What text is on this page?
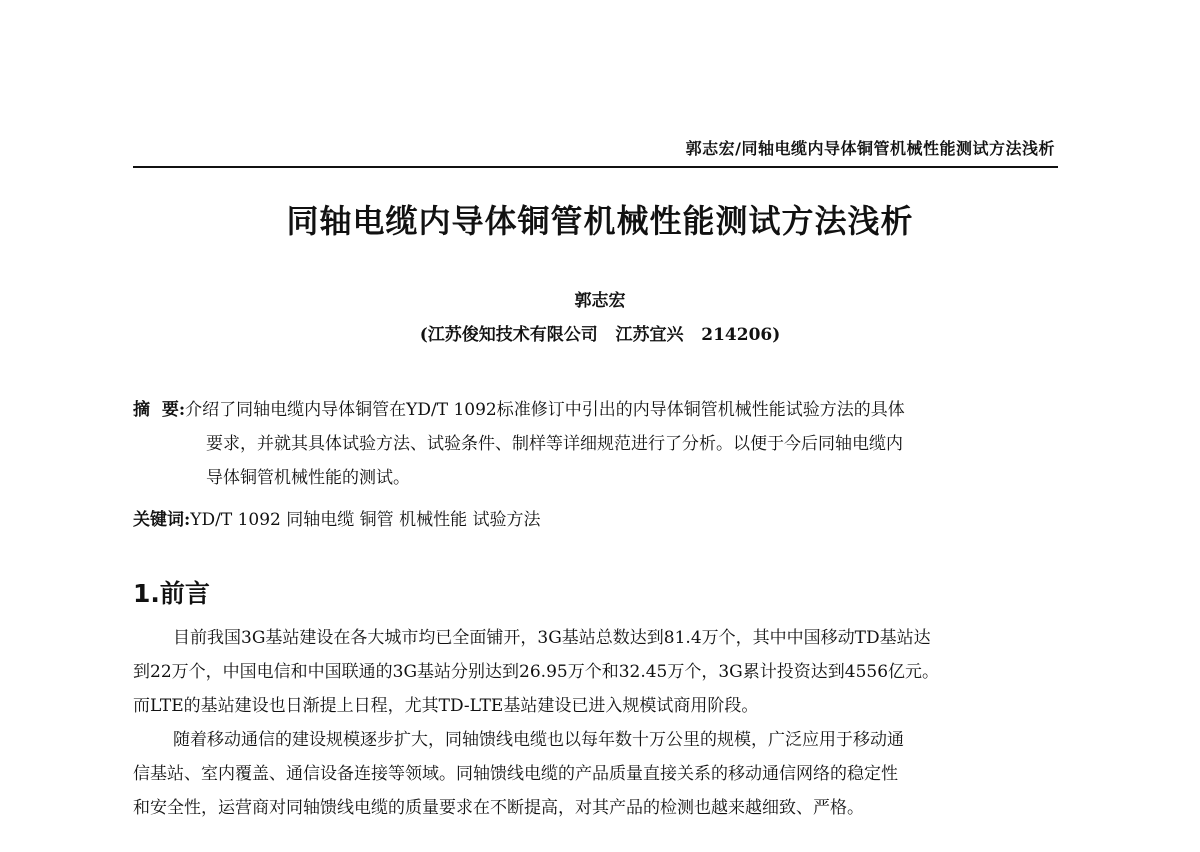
郭志宏/同轴电缆内导体铜管机械性能测试方法浅析
同轴电缆内导体铜管机械性能测试方法浅析
郭志宏
(江苏俊知技术有限公司   江苏宜兴   214206)
摘  要:介绍了同轴电缆内导体铜管在YD/T 1092标准修订中引出的内导体铜管机械性能试验方法的具体
要求，并就其具体试验方法、试验条件、制样等详细规范进行了分析。以便于今后同轴电缆内
导体铜管机械性能的测试。
关键词:YD/T 1092 同轴电缆 铜管 机械性能 试验方法
1.前言
目前我国3G基站建设在各大城市均已全面铺开，3G基站总数达到81.4万个，其中中国移动TD基站达
到22万个，中国电信和中国联通的3G基站分别达到26.95万个和32.45万个，3G累计投资达到4556亿元。
而LTE的基站建设也日渐提上日程，尤其TD-LTE基站建设已进入规模试商用阶段。
随着移动通信的建设规模逐步扩大，同轴馈线电缆也以每年数十万公里的规模，广泛应用于移动通
信基站、室内覆盖、通信设备连接等领域。同轴馈线电缆的产品质量直接关系的移动通信网络的稳定性
和安全性，运营商对同轴馈线电缆的质量要求在不断提高，对其产品的检测也越来越细致、严格。
